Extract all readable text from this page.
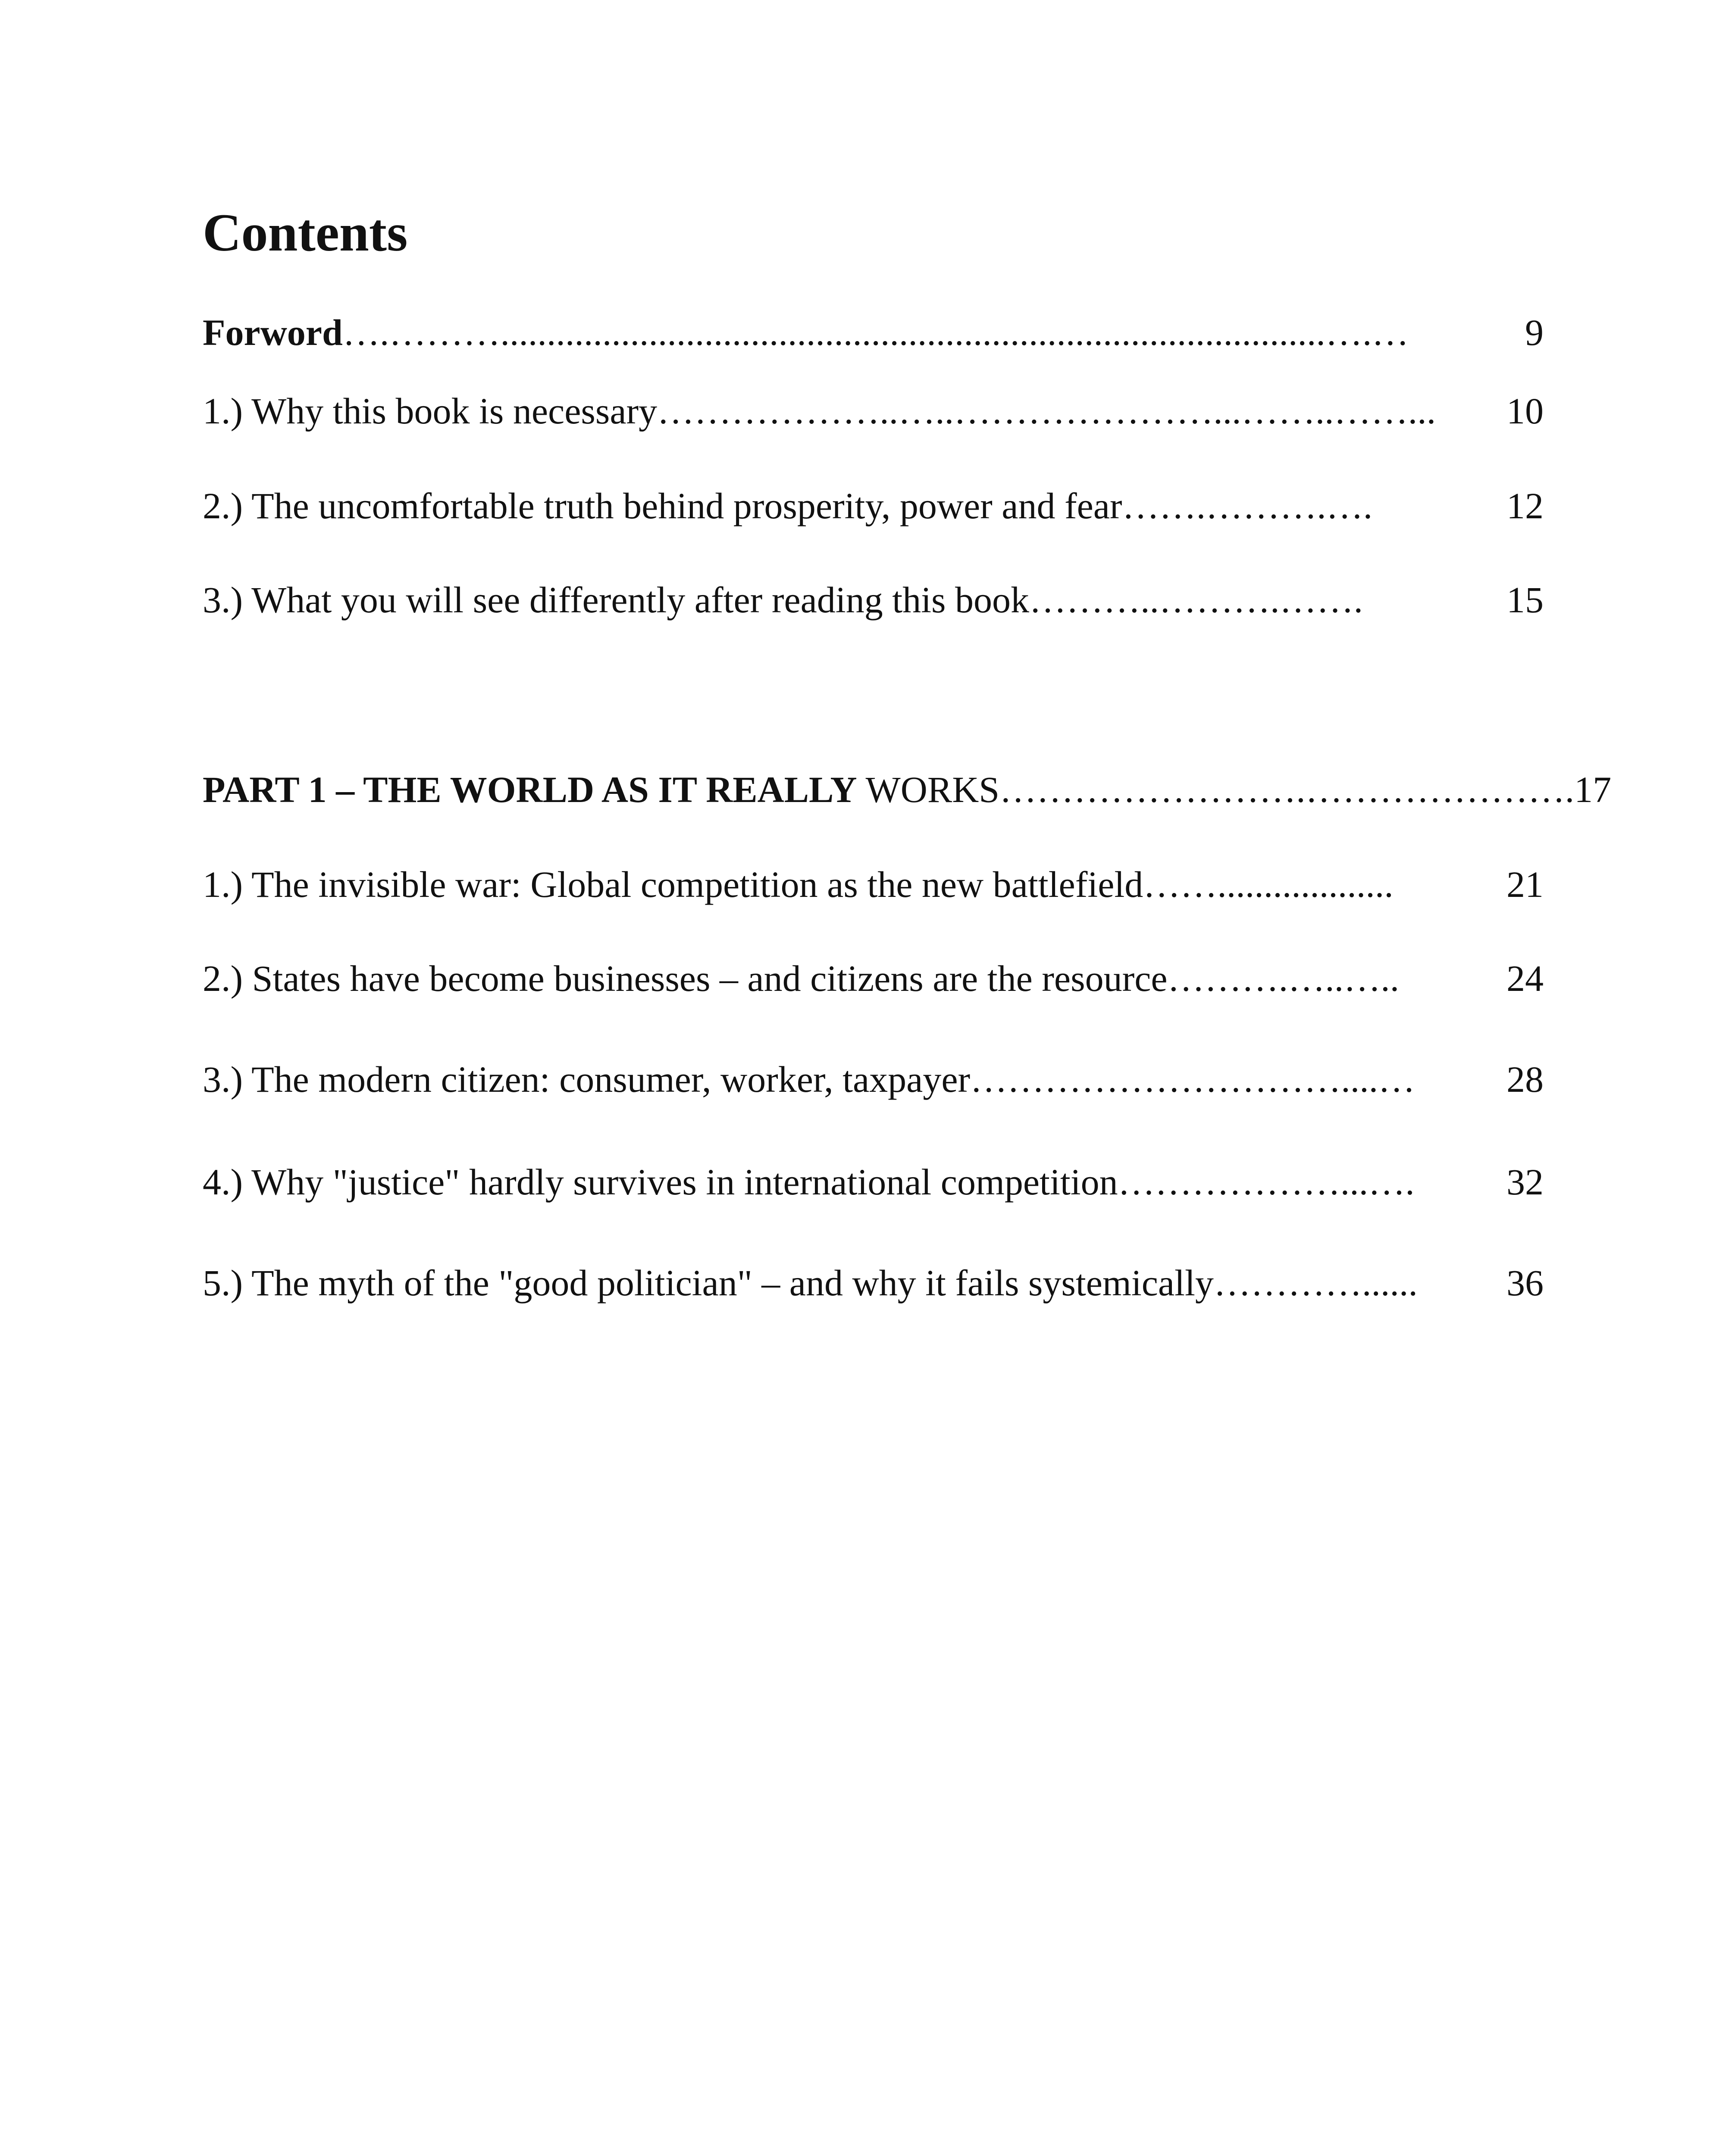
Contents
Forword ….……….........................................................................................….…	9
1.) Why this book is necessary ………………..…..…………………...……..……...	10
2.) The uncomfortable truth behind prosperity, power and fear …….……….….	12
3.) What you will see differently after reading this book ………..……….…….	15
PART 1 – THE WORLD AS IT REALLY WORKS …………………….…………………. 17
1.) The invisible war: Global competition as the new battlefield ……...................	21
2.) States have become businesses – and citizens are the resource ……….…..…..	24
3.) The modern citizen: consumer, worker, taxpayer …………………………....…	28
4.) Why "justice" hardly survives in international competition ………………...….	32
5.) The myth of the "good politician" – and why it fails systemically …………......	36
